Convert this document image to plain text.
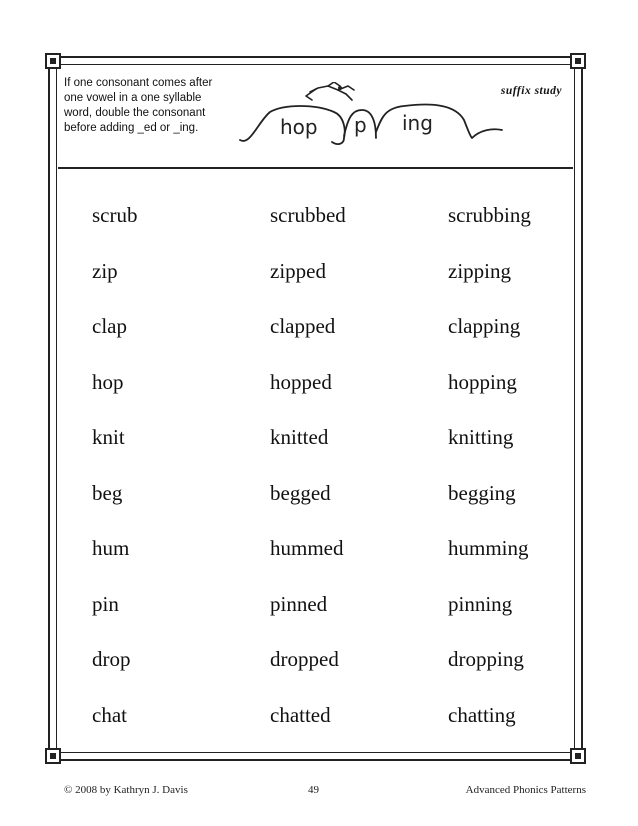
If one consonant comes after one vowel in a one syllable word, double the consonant before adding _ed or _ing.
suffix study
hop p ing
scrub	scrubbed	scrubbing
zip	zipped	zipping
clap	clapped	clapping
hop	hopped	hopping
knit	knitted	knitting
beg	begged	begging
hum	hummed	humming
pin	pinned	pinning
drop	dropped	dropping
chat	chatted	chatting
© 2008 by Kathryn J. Davis	49	Advanced Phonics Patterns
